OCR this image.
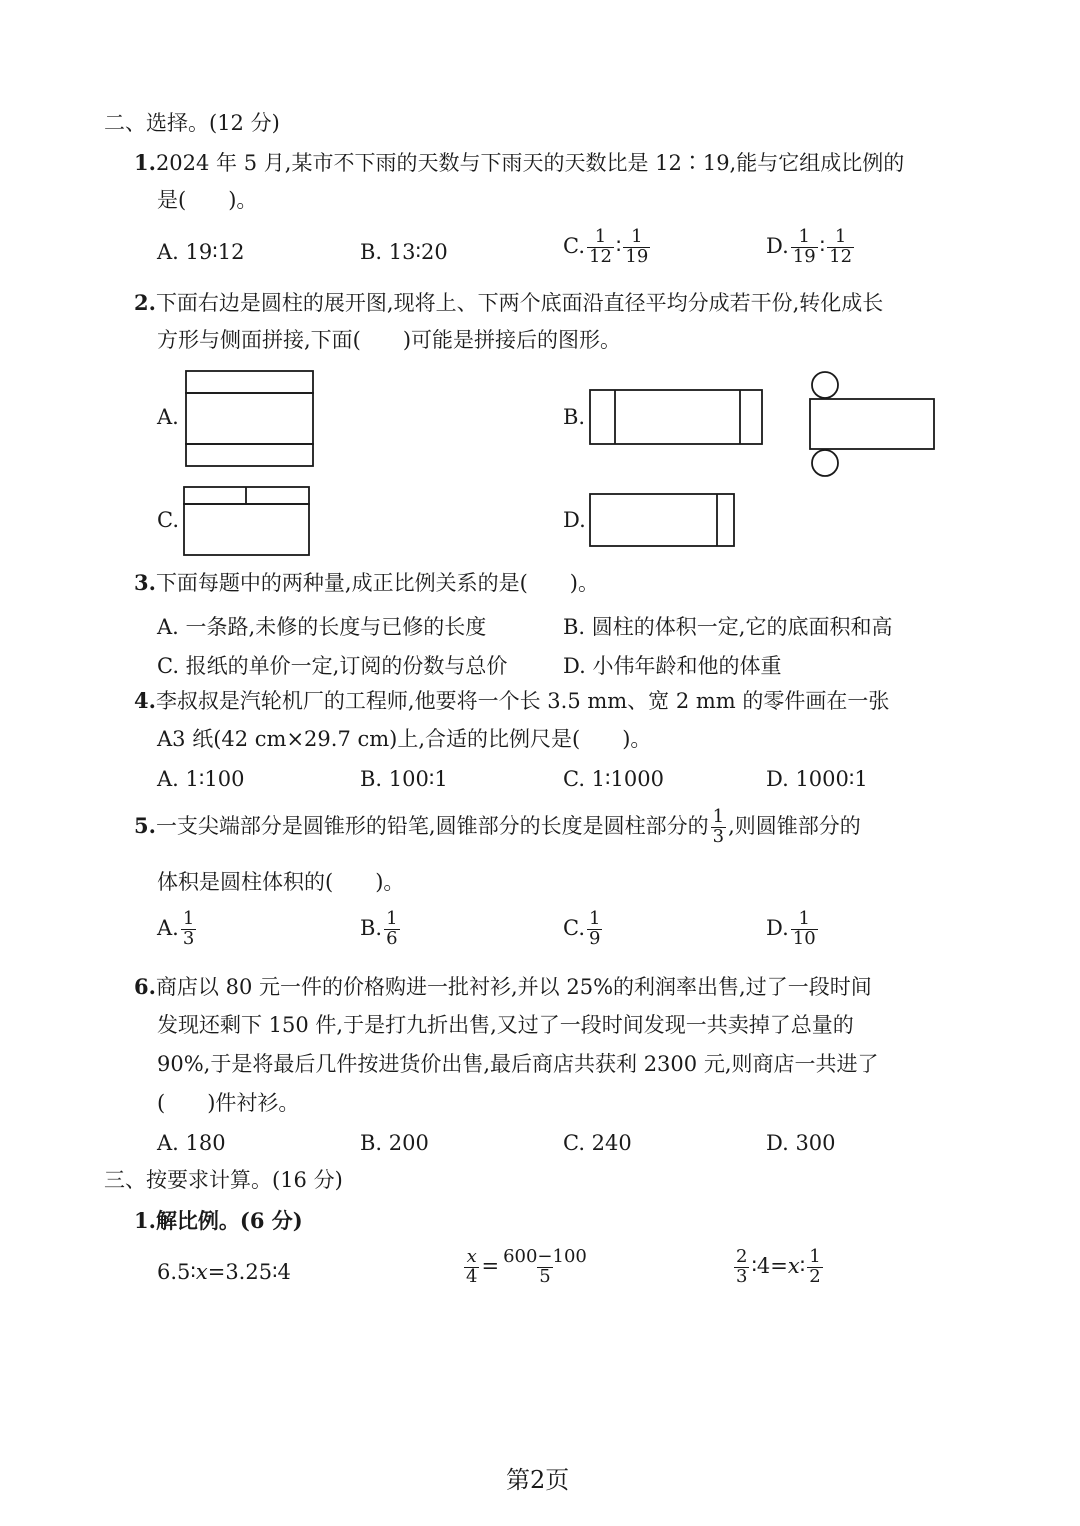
二、选择。(12 分)
1.2024 年 5 月,某市不下雨的天数与下雨天的天数比是 12∶19,能与它组成比例的
是(　　)。
A. 19∶12	B. 13∶20	C. $\frac{1}{12}$ ∶ $\frac{1}{19}$	D. $\frac{1}{19}$ ∶ $\frac{1}{12}$
2.下面右边是圆柱的展开图,现将上、下两个底面沿直径平均分成若干份,转化成长
方形与侧面拼接,下面(　　)可能是拼接后的图形。
A.	B.
C.	D.
3.下面每题中的两种量,成正比例关系的是(　　)。
A. 一条路,未修的长度与已修的长度	B. 圆柱的体积一定,它的底面积和高
C. 报纸的单价一定,订阅的份数与总价	D. 小伟年龄和他的体重
4.李叔叔是汽轮机厂的工程师,他要将一个长 3.5 mm、宽 2 mm 的零件画在一张
A3 纸(42 cm×29.7 cm)上,合适的比例尺是(　　)。
A. 1∶100	B. 100∶1	C. 1∶1000	D. 1000∶1
5.一支尖端部分是圆锥形的铅笔,圆锥部分的长度是圆柱部分的 $\frac{1}{3}$ ,则圆锥部分的
体积是圆柱体积的(　　)。
A. $\frac{1}{3}$	B. $\frac{1}{6}$	C. $\frac{1}{9}$	D. $\frac{1}{10}$
6.商店以 80 元一件的价格购进一批衬衫,并以 25%的利润率出售,过了一段时间
发现还剩下 150 件,于是打九折出售,又过了一段时间发现一共卖掉了总量的
90%,于是将最后几件按进货价出售,最后商店共获利 2300 元,则商店一共进了
(　　)件衬衫。
A. 180	B. 200	C. 240	D. 300
三、按要求计算。(16 分)
1.解比例。(6 分)
6.5∶x=3.25∶4	$\frac{x}{4} = \frac{600-100}{5}$	$\frac{2}{3}$ ∶4=x∶ $\frac{1}{2}$
第2页
